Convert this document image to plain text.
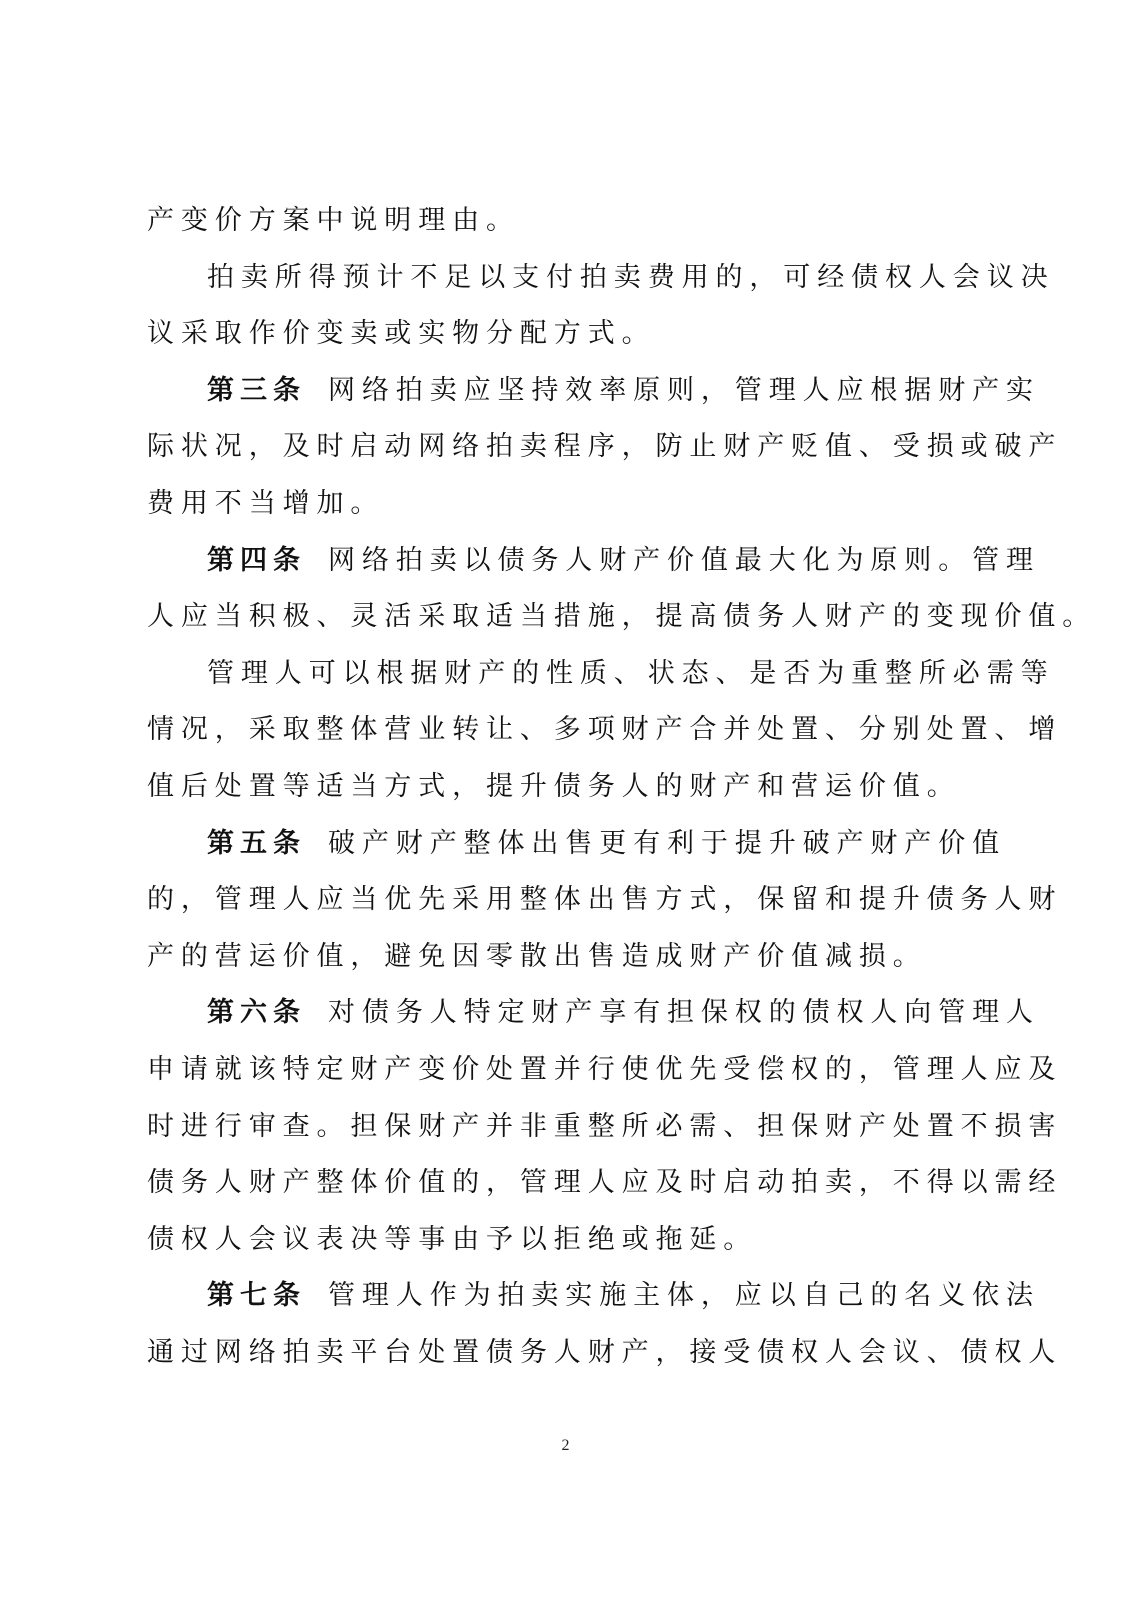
产变价方案中说明理由。
拍卖所得预计不足以支付拍卖费用的，可经债权人会议决
议采取作价变卖或实物分配方式。
第三条 网络拍卖应坚持效率原则，管理人应根据财产实
际状况，及时启动网络拍卖程序，防止财产贬值、受损或破产
费用不当增加。
第四条 网络拍卖以债务人财产价值最大化为原则。管理
人应当积极、灵活采取适当措施，提高债务人财产的变现价值。
管理人可以根据财产的性质、状态、是否为重整所必需等
情况，采取整体营业转让、多项财产合并处置、分别处置、增
值后处置等适当方式，提升债务人的财产和营运价值。
第五条 破产财产整体出售更有利于提升破产财产价值
的，管理人应当优先采用整体出售方式，保留和提升债务人财
产的营运价值，避免因零散出售造成财产价值减损。
第六条 对债务人特定财产享有担保权的债权人向管理人
申请就该特定财产变价处置并行使优先受偿权的，管理人应及
时进行审查。担保财产并非重整所必需、担保财产处置不损害
债务人财产整体价值的，管理人应及时启动拍卖，不得以需经
债权人会议表决等事由予以拒绝或拖延。
第七条 管理人作为拍卖实施主体，应以自己的名义依法
通过网络拍卖平台处置债务人财产，接受债权人会议、债权人
2
